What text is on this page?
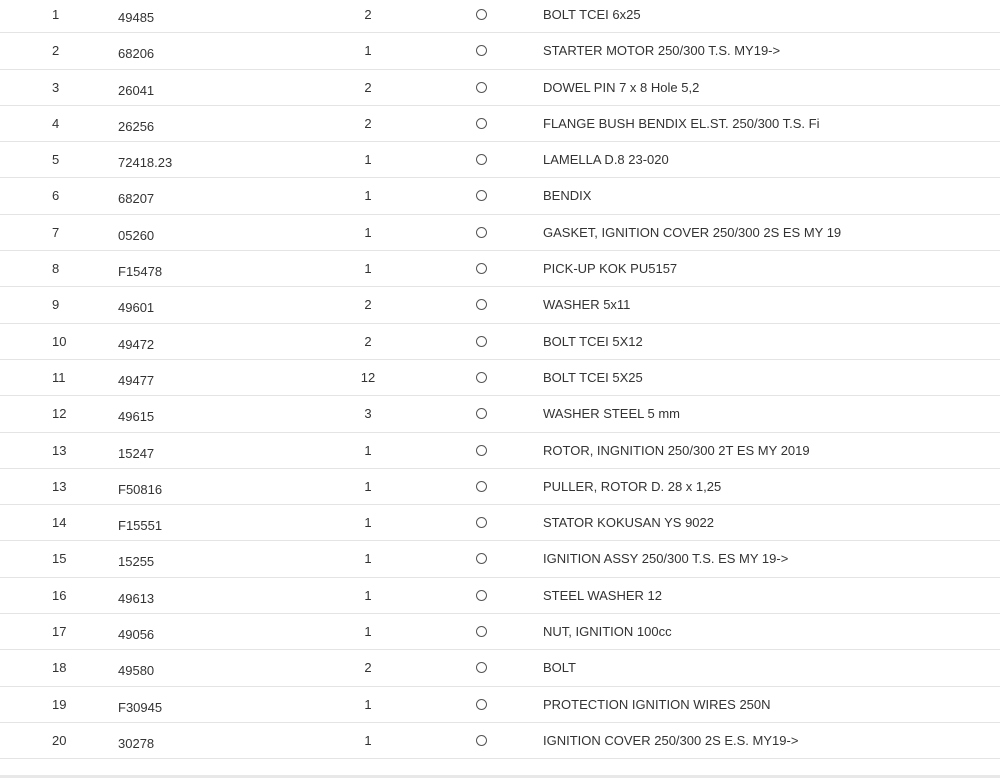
1	49485	2	BOLT TCEI 6x25
2	68206	1	STARTER MOTOR 250/300 T.S. MY19->
3	26041	2	DOWEL PIN 7 x 8 Hole 5,2
4	26256	2	FLANGE BUSH BENDIX EL.ST. 250/300 T.S. Fi
5	72418.23	1	LAMELLA D.8 23-020
6	68207	1	BENDIX
7	05260	1	GASKET, IGNITION COVER 250/300 2S ES MY 19
8	F15478	1	PICK-UP KOK PU5157
9	49601	2	WASHER 5x11
10	49472	2	BOLT TCEI 5X12
11	49477	12	BOLT TCEI 5X25
12	49615	3	WASHER STEEL 5 mm
13	15247	1	ROTOR, INGNITION 250/300 2T ES MY 2019
13	F50816	1	PULLER, ROTOR D. 28 x 1,25
14	F15551	1	STATOR KOKUSAN YS 9022
15	15255	1	IGNITION ASSY 250/300 T.S. ES MY 19->
16	49613	1	STEEL WASHER 12
17	49056	1	NUT, IGNITION 100cc
18	49580	2	BOLT
19	F30945	1	PROTECTION IGNITION WIRES 250N
20	30278	1	IGNITION COVER 250/300 2S E.S. MY19->
